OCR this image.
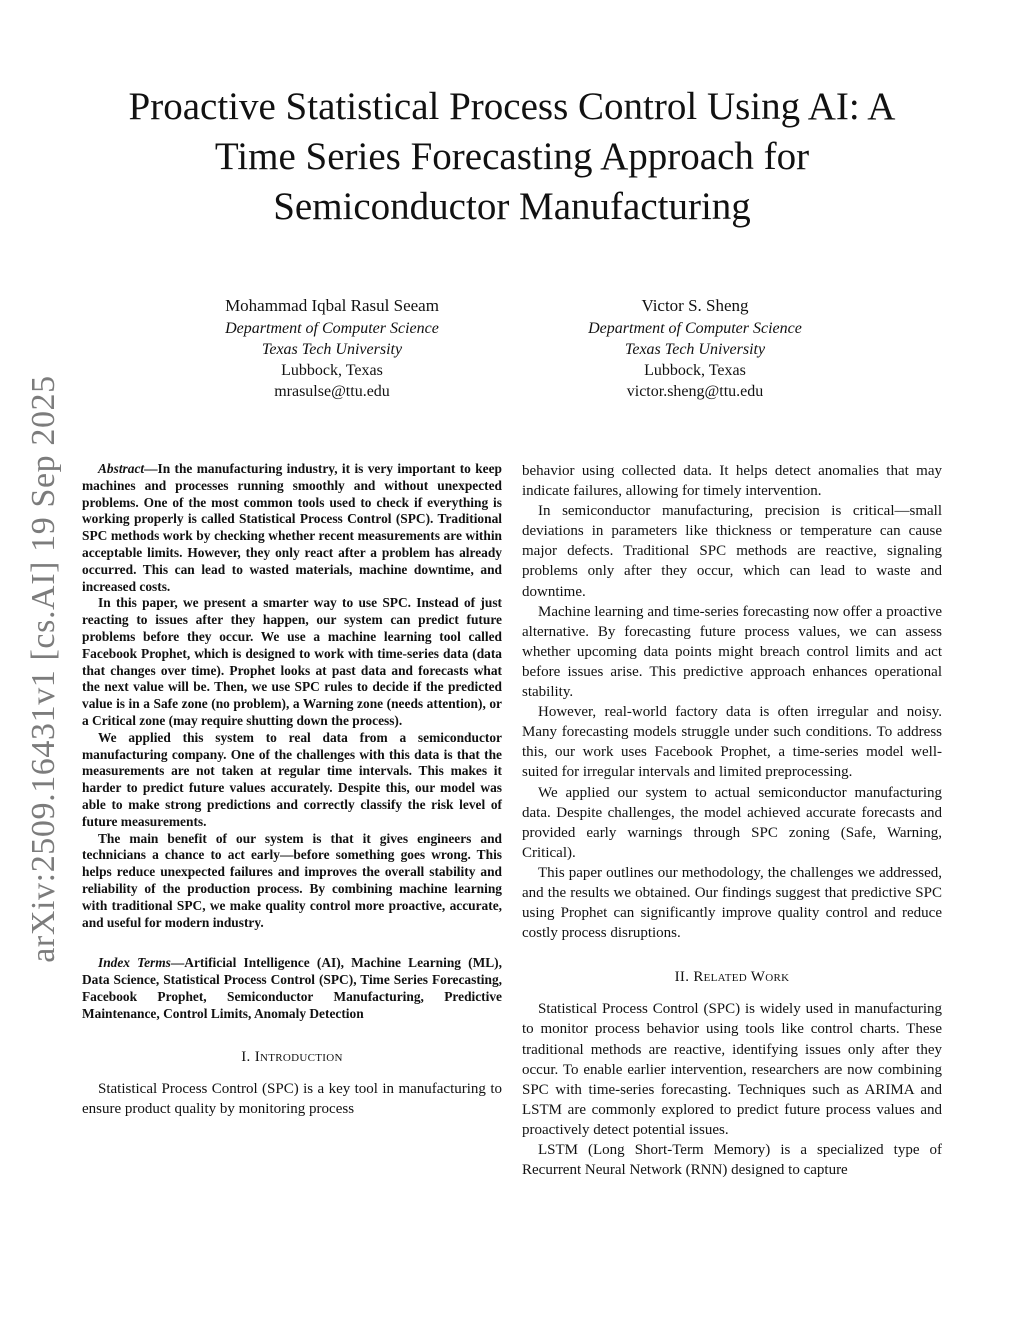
arXiv:2509.16431v1 [cs.AI] 19 Sep 2025
Proactive Statistical Process Control Using AI: A
Time Series Forecasting Approach for
Semiconductor Manufacturing
Mohammad Iqbal Rasul Seeam
Department of Computer Science
Texas Tech University
Lubbock, Texas
mrasulse@ttu.edu
Victor S. Sheng
Department of Computer Science
Texas Tech University
Lubbock, Texas
victor.sheng@ttu.edu

Abstract—In the manufacturing industry, it is very important to keep machines and processes running smoothly and without unexpected problems. One of the most common tools used to check if everything is working properly is called Statistical Process Control (SPC). Traditional SPC methods work by checking whether recent measurements are within acceptable limits. However, they only react after a problem has already occurred. This can lead to wasted materials, machine downtime, and increased costs.

In this paper, we present a smarter way to use SPC. Instead of just reacting to issues after they happen, our system can predict future problems before they occur. We use a machine learning tool called Facebook Prophet, which is designed to work with time-series data (data that changes over time). Prophet looks at past data and forecasts what the next value will be. Then, we use SPC rules to decide if the predicted value is in a Safe zone (no problem), a Warning zone (needs attention), or a Critical zone (may require shutting down the process).

We applied this system to real data from a semiconductor manufacturing company. One of the challenges with this data is that the measurements are not taken at regular time intervals. This makes it harder to predict future values accurately. Despite this, our model was able to make strong predictions and correctly classify the risk level of future measurements.

The main benefit of our system is that it gives engineers and technicians a chance to act early—before something goes wrong. This helps reduce unexpected failures and improves the overall stability and reliability of the production process. By combining machine learning with traditional SPC, we make quality control more proactive, accurate, and useful for modern industry.

Index Terms—Artificial Intelligence (AI), Machine Learning (ML), Data Science, Statistical Process Control (SPC), Time Series Forecasting, Facebook Prophet, Semiconductor Manufacturing, Predictive Maintenance, Control Limits, Anomaly Detection

I. Introduction

Statistical Process Control (SPC) is a key tool in manufacturing to ensure product quality by monitoring process

behavior using collected data. It helps detect anomalies that may indicate failures, allowing for timely intervention.

In semiconductor manufacturing, precision is critical—small deviations in parameters like thickness or temperature can cause major defects. Traditional SPC methods are reactive, signaling problems only after they occur, which can lead to waste and downtime.

Machine learning and time-series forecasting now offer a proactive alternative. By forecasting future process values, we can assess whether upcoming data points might breach control limits and act before issues arise. This predictive approach enhances operational stability.

However, real-world factory data is often irregular and noisy. Many forecasting models struggle under such conditions. To address this, our work uses Facebook Prophet, a time-series model well-suited for irregular intervals and limited preprocessing.

We applied our system to actual semiconductor manufacturing data. Despite challenges, the model achieved accurate forecasts and provided early warnings through SPC zoning (Safe, Warning, Critical).

This paper outlines our methodology, the challenges we addressed, and the results we obtained. Our findings suggest that predictive SPC using Prophet can significantly improve quality control and reduce costly process disruptions.

II. Related Work

Statistical Process Control (SPC) is widely used in manufacturing to monitor process behavior using tools like control charts. These traditional methods are reactive, identifying issues only after they occur. To enable earlier intervention, researchers are now combining SPC with time-series forecasting. Techniques such as ARIMA and LSTM are commonly explored to predict future process values and proactively detect potential issues.

LSTM (Long Short-Term Memory) is a specialized type of Recurrent Neural Network (RNN) designed to capture
